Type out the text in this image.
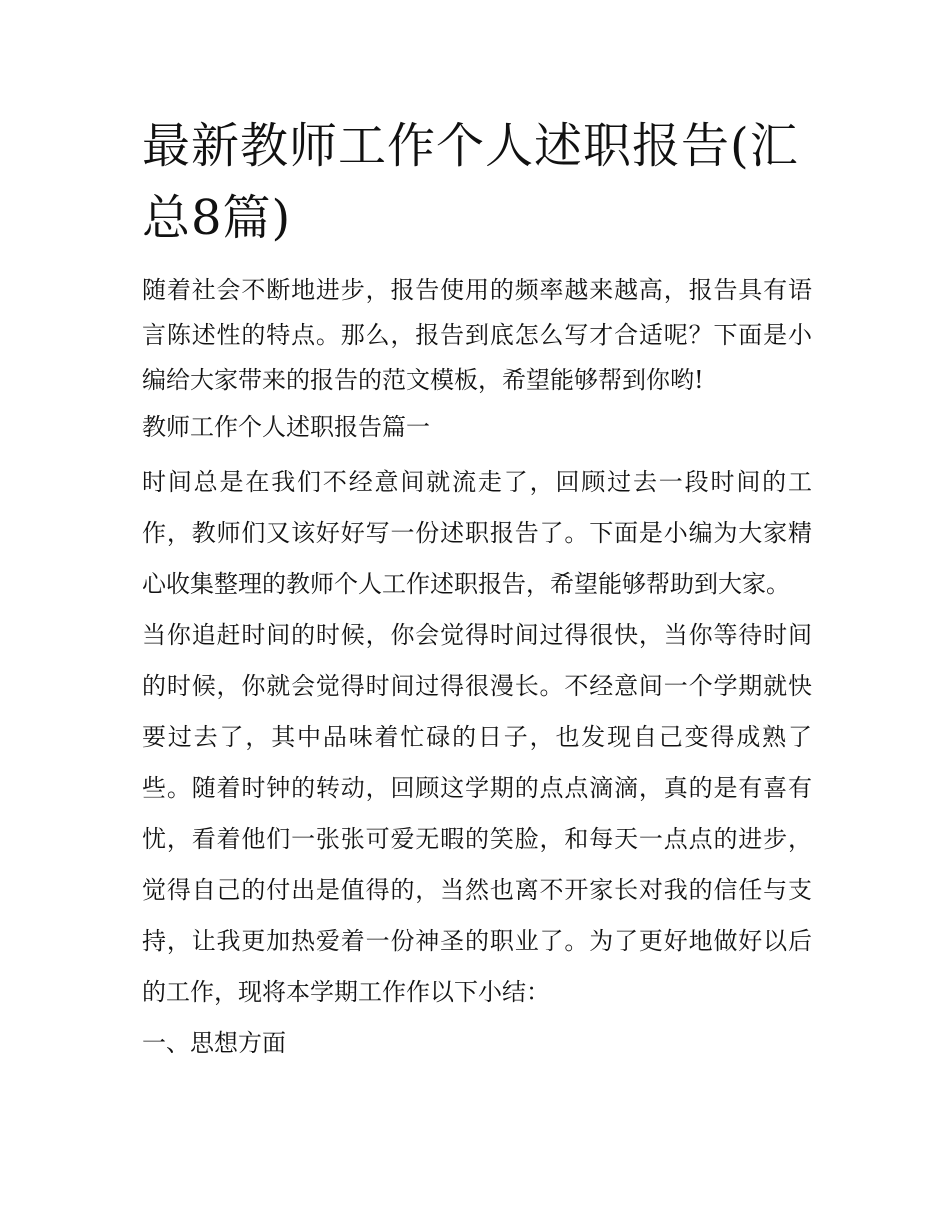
最新教师工作个人述职报告(汇总8篇)

随着社会不断地进步，报告使用的频率越来越高，报告具有语言陈述性的特点。那么，报告到底怎么写才合适呢？下面是小编给大家带来的报告的范文模板，希望能够帮到你哟!

教师工作个人述职报告篇一

时间总是在我们不经意间就流走了，回顾过去一段时间的工作，教师们又该好好写一份述职报告了。下面是小编为大家精心收集整理的教师个人工作述职报告，希望能够帮助到大家。

当你追赶时间的时候，你会觉得时间过得很快，当你等待时间的时候，你就会觉得时间过得很漫长。不经意间一个学期就快要过去了，其中品味着忙碌的日子，也发现自己变得成熟了些。随着时钟的转动，回顾这学期的点点滴滴，真的是有喜有忧，看着他们一张张可爱无暇的笑脸，和每天一点点的进步，觉得自己的付出是值得的，当然也离不开家长对我的信任与支持，让我更加热爱着一份神圣的职业了。为了更好地做好以后的工作，现将本学期工作作以下小结：

一、思想方面
